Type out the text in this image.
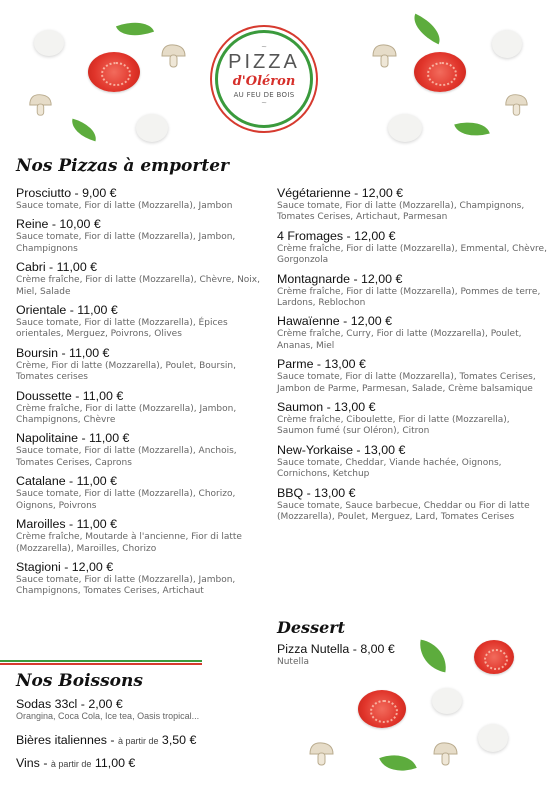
~
PIZZA
d'Oléron
AU FEU DE BOIS
~
Nos Pizzas à emporter
Dessert
Nos Boissons
Prosciutto - 9,00 €
Sauce tomate, Fior di latte (Mozzarella), Jambon
Reine - 10,00 €
Sauce tomate, Fior di latte (Mozzarella), Jambon, Champignons
Cabri - 11,00 €
Crème fraîche, Fior di latte (Mozzarella), Chèvre, Noix, Miel, Salade
Orientale - 11,00 €
Sauce tomate, Fior di latte (Mozzarella), Épices orientales, Merguez, Poivrons, Olives
Boursin - 11,00 €
Crème, Fior di latte (Mozzarella), Poulet, Boursin, Tomates cerises
Doussette - 11,00 €
Crème fraîche, Fior di latte (Mozzarella), Jambon, Champignons, Chèvre
Napolitaine - 11,00 €
Sauce tomate, Fior di latte (Mozzarella), Anchois, Tomates Cerises, Caprons
Catalane - 11,00 €
Sauce tomate, Fior di latte (Mozzarella), Chorizo, Oignons, Poivrons
Maroilles - 11,00 €
Crème fraîche, Moutarde à l'ancienne, Fior di latte (Mozzarella), Maroilles, Chorizo
Stagioni - 12,00 €
Sauce tomate, Fior di latte (Mozzarella), Jambon, Champignons, Tomates Cerises, Artichaut
Végétarienne - 12,00 €
Sauce tomate, Fior di latte (Mozzarella), Champignons, Tomates Cerises, Artichaut, Parmesan
4 Fromages - 12,00 €
Crème fraîche, Fior di latte (Mozzarella), Emmental, Chèvre, Gorgonzola
Montagnarde - 12,00 €
Crème fraîche, Fior di latte (Mozzarella), Pommes de terre, Lardons, Reblochon
Hawaïenne - 12,00 €
Crème fraîche, Curry, Fior di latte (Mozzarella), Poulet, Ananas, Miel
Parme - 13,00 €
Sauce tomate, Fior di latte (Mozzarella), Tomates Cerises, Jambon de Parme, Parmesan, Salade, Crème balsamique
Saumon - 13,00 €
Crème fraîche, Ciboulette, Fior di latte (Mozzarella), Saumon fumé (sur Oléron), Citron
New-Yorkaise - 13,00 €
Sauce tomate, Cheddar, Viande hachée, Oignons, Cornichons, Ketchup
BBQ - 13,00 €
Sauce tomate, Sauce barbecue, Cheddar ou Fior di latte (Mozzarella), Poulet, Merguez, Lard, Tomates Cerises
Pizza Nutella - 8,00 €
Nutella
Sodas 33cl - 2,00 €
Orangina, Coca Cola, Ice tea, Oasis tropical...
Bières italiennes - à partir de 3,50 €
Vins - à partir de 11,00 €
